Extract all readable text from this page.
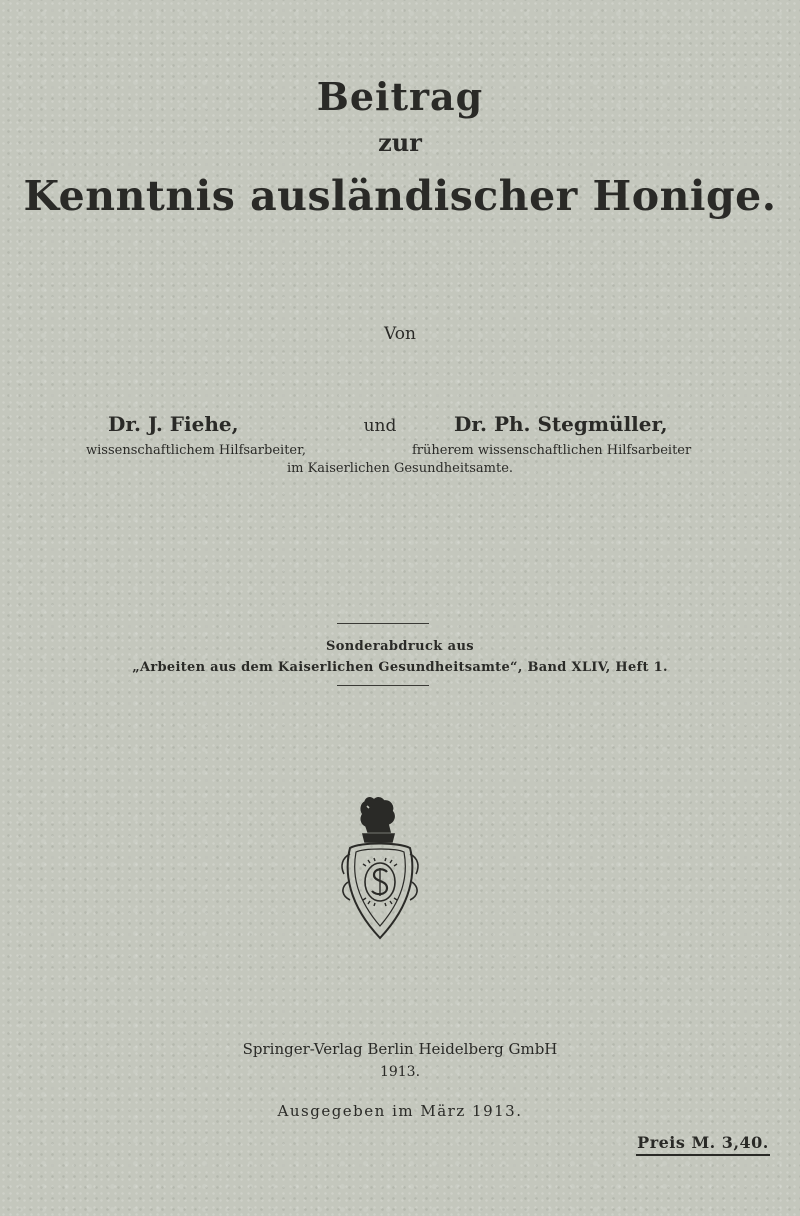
Beitrag
zur
Kenntnis ausländischer Honige.
Von
Dr. J. Fiehe,	und	Dr. Ph. Stegmüller,
wissenschaftlichem Hilfsarbeiter,	früherem wissenschaftlichen Hilfsarbeiter
im Kaiserlichen Gesundheitsamte.
Sonderabdruck aus
„Arbeiten aus dem Kaiserlichen Gesundheitsamte“, Band XLIV, Heft 1.
Springer-Verlag Berlin Heidelberg GmbH
1913.
Ausgegeben im März 1913.
Preis M. 3,40.
